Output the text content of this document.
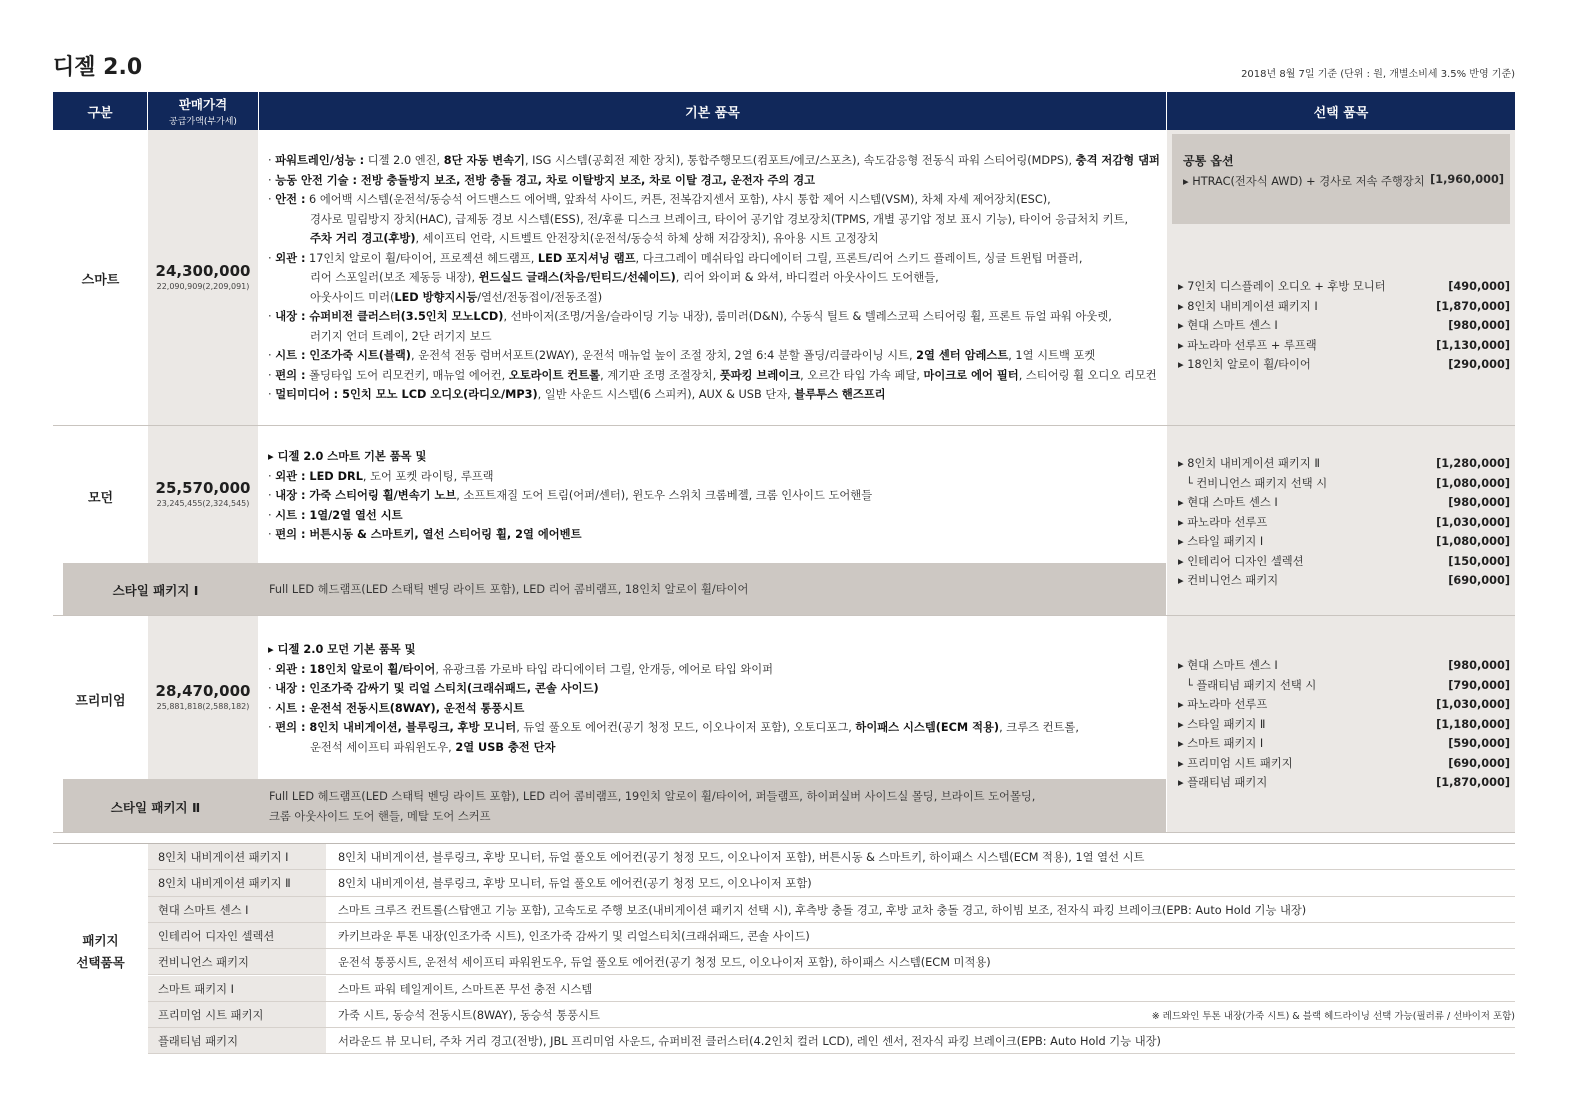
디젤 2.0	2018년 8월 7일 기준 (단위 : 원, 개별소비세 3.5% 반영 기준)
구분
판매가격
공급가액(부가세)
기본 품목	선택 품목
스마트
24,300,000
22,090,909(2,209,091)
· 파워트레인/성능 : 디젤 2.0 엔진, 8단 자동 변속기, ISG 시스템(공회전 제한 장치), 통합주행모드(컴포트/에코/스포츠), 속도감응형 전동식 파워 스티어링(MDPS), 충격 저감형 댐퍼
· 능동 안전 기술 : 전방 충돌방지 보조, 전방 충돌 경고, 차로 이탈방지 보조, 차로 이탈 경고, 운전자 주의 경고
· 안전 : 6 에어백 시스템(운전석/동승석 어드밴스드 에어백, 앞좌석 사이드, 커튼, 전복감지센서 포함), 샤시 통합 제어 시스템(VSM), 차체 자세 제어장치(ESC),
경사로 밀림방지 장치(HAC), 급제동 경보 시스템(ESS), 전/후륜 디스크 브레이크, 타이어 공기압 경보장치(TPMS, 개별 공기압 정보 표시 기능), 타이어 응급처치 키트,
주차 거리 경고(후방), 세이프티 언락, 시트벨트 안전장치(운전석/동승석 하체 상해 저감장치), 유아용 시트 고정장치
· 외관 : 17인치 알로이 휠/타이어, 프로젝션 헤드램프, LED 포지셔닝 램프, 다크그레이 메쉬타입 라디에이터 그릴, 프론트/리어 스키드 플레이트, 싱글 트윈팁 머플러,
리어 스포일러(보조 제동등 내장), 윈드실드 글래스(차음/틴티드/선쉐이드), 리어 와이퍼 & 와셔, 바디컬러 아웃사이드 도어핸들,
아웃사이드 미러(LED 방향지시등/열선/전동접이/전동조절)
· 내장 : 슈퍼비전 클러스터(3.5인치 모노LCD), 선바이저(조명/거울/슬라이딩 기능 내장), 룸미러(D&N), 수동식 틸트 & 텔레스코픽 스티어링 휠, 프론트 듀얼 파워 아웃렛,
러기지 언더 트레이, 2단 러기지 보드
· 시트 : 인조가죽 시트(블랙), 운전석 전동 럼버서포트(2WAY), 운전석 매뉴얼 높이 조절 장치, 2열 6:4 분할 폴딩/리클라이닝 시트, 2열 센터 암레스트, 1열 시트백 포켓
· 편의 : 폴딩타입 도어 리모컨키, 매뉴얼 에어컨, 오토라이트 컨트롤, 계기판 조명 조절장치, 풋파킹 브레이크, 오르간 타입 가속 페달, 마이크로 에어 필터, 스티어링 휠 오디오 리모컨
· 멀티미디어 : 5인치 모노 LCD 오디오(라디오/MP3), 일반 사운드 시스템(6 스피커), AUX & USB 단자, 블루투스 핸즈프리
공통 옵션
▸ HTRAC(전자식 AWD) + 경사로 저속 주행장치 [1,960,000]
▸ 7인치 디스플레이 오디오 + 후방 모니터	[490,000]
▸ 8인치 내비게이션 패키지 Ⅰ	[1,870,000]
▸ 현대 스마트 센스 Ⅰ	[980,000]
▸ 파노라마 선루프 + 루프랙	[1,130,000]
▸ 18인치 알로이 휠/타이어	[290,000]
모던
25,570,000
23,245,455(2,324,545)
▸ 디젤 2.0 스마트 기본 품목 및
· 외관 : LED DRL, 도어 포켓 라이팅, 루프랙
· 내장 : 가죽 스티어링 휠/변속기 노브, 소프트재질 도어 트림(어퍼/센터), 윈도우 스위치 크롬베젤, 크롬 인사이드 도어핸들
· 시트 : 1열/2열 열선 시트
· 편의 : 버튼시동 & 스마트키, 열선 스티어링 휠, 2열 에어벤트
▸ 8인치 내비게이션 패키지 Ⅱ	[1,280,000]
└ 컨비니언스 패키지 선택 시	[1,080,000]
▸ 현대 스마트 센스 Ⅰ	[980,000]
▸ 파노라마 선루프	[1,030,000]
▸ 스타일 패키지 Ⅰ	[1,080,000]
▸ 인테리어 디자인 셀렉션	[150,000]
▸ 컨비니언스 패키지	[690,000]
스타일 패키지 Ⅰ	Full LED 헤드램프(LED 스태틱 벤딩 라이트 포함), LED 리어 콤비램프, 18인치 알로이 휠/타이어
프리미엄
28,470,000
25,881,818(2,588,182)
▸ 디젤 2.0 모던 기본 품목 및
· 외관 : 18인치 알로이 휠/타이어, 유광크롬 가로바 타입 라디에이터 그릴, 안개등, 에어로 타입 와이퍼
· 내장 : 인조가죽 감싸기 및 리얼 스티치(크래쉬패드, 콘솔 사이드)
· 시트 : 운전석 전동시트(8WAY), 운전석 통풍시트
· 편의 : 8인치 내비게이션, 블루링크, 후방 모니터, 듀얼 풀오토 에어컨(공기 청정 모드, 이오나이저 포함), 오토디포그, 하이패스 시스템(ECM 적용), 크루즈 컨트롤,
운전석 세이프티 파워윈도우, 2열 USB 충전 단자
▸ 현대 스마트 센스 Ⅰ	[980,000]
└ 플래티넘 패키지 선택 시	[790,000]
▸ 파노라마 선루프	[1,030,000]
▸ 스타일 패키지 Ⅱ	[1,180,000]
▸ 스마트 패키지 Ⅰ	[590,000]
▸ 프리미엄 시트 패키지	[690,000]
▸ 플래티넘 패키지	[1,870,000]
스타일 패키지 Ⅱ
Full LED 헤드램프(LED 스태틱 벤딩 라이트 포함), LED 리어 콤비램프, 19인치 알로이 휠/타이어, 퍼들램프, 하이퍼실버 사이드실 몰딩, 브라이트 도어몰딩,
크롬 아웃사이드 도어 핸들, 메탈 도어 스커프
패키지
선택품목
8인치 내비게이션 패키지 Ⅰ	8인치 내비게이션, 블루링크, 후방 모니터, 듀얼 풀오토 에어컨(공기 청정 모드, 이오나이저 포함), 버튼시동 & 스마트키, 하이패스 시스템(ECM 적용), 1열 열선 시트
8인치 내비게이션 패키지 Ⅱ	8인치 내비게이션, 블루링크, 후방 모니터, 듀얼 풀오토 에어컨(공기 청정 모드, 이오나이저 포함)
현대 스마트 센스 Ⅰ	스마트 크루즈 컨트롤(스탑앤고 기능 포함), 고속도로 주행 보조(내비게이션 패키지 선택 시), 후측방 충돌 경고, 후방 교차 충돌 경고, 하이빔 보조, 전자식 파킹 브레이크(EPB: Auto Hold 기능 내장)
인테리어 디자인 셀렉션	카키브라운 투톤 내장(인조가죽 시트), 인조가죽 감싸기 및 리얼스티치(크래쉬패드, 콘솔 사이드)
컨비니언스 패키지	운전석 통풍시트, 운전석 세이프티 파워윈도우, 듀얼 풀오토 에어컨(공기 청정 모드, 이오나이저 포함), 하이패스 시스템(ECM 미적용)
스마트 패키지 Ⅰ	스마트 파워 테일게이트, 스마트폰 무선 충전 시스템
프리미엄 시트 패키지	가죽 시트, 동승석 전동시트(8WAY), 동승석 통풍시트	※ 레드와인 투톤 내장(가죽 시트) & 블랙 헤드라이닝 선택 가능(필러류 / 선바이저 포함)
플래티넘 패키지	서라운드 뷰 모니터, 주차 거리 경고(전방), JBL 프리미엄 사운드, 슈퍼비전 클러스터(4.2인치 컬러 LCD), 레인 센서, 전자식 파킹 브레이크(EPB: Auto Hold 기능 내장)
